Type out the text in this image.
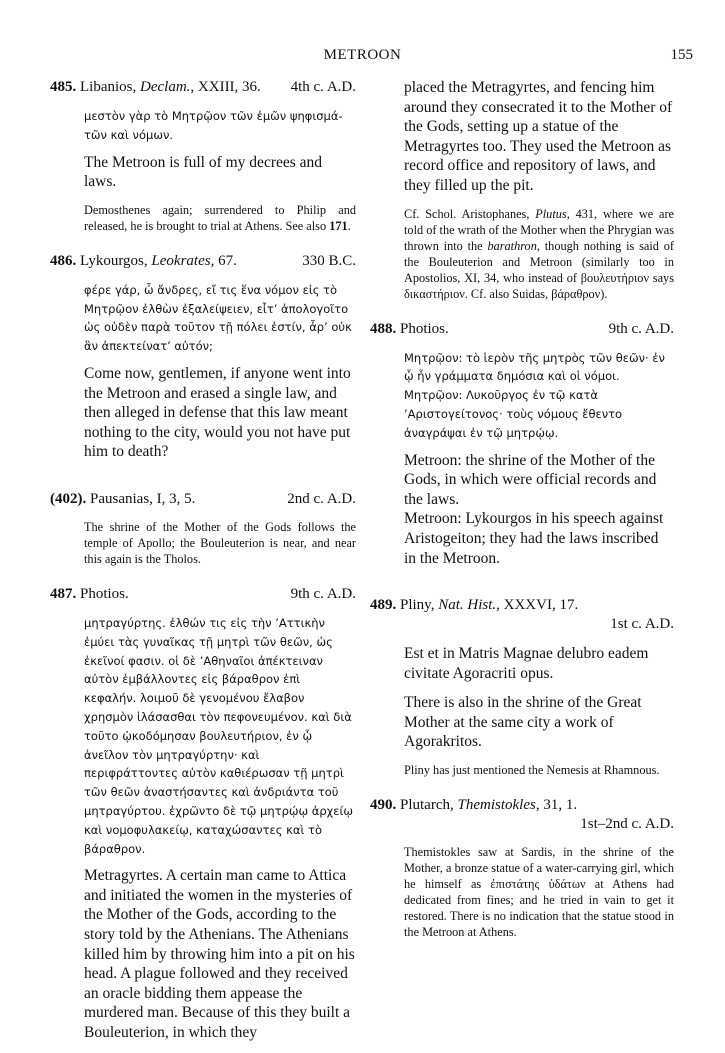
METROON	155
485. Libanios, Declam., XXIII, 36. 4th c. A.D.

μεστὸν γὰρ τὸ Μητρῷον τῶν ἐμῶν ψηφισμά-τῶν καὶ νόμων.

The Metroon is full of my decrees and laws.

Demosthenes again; surrendered to Philip and released, he is brought to trial at Athens. See also 171.

486. Lykourgos, Leokrates, 67.	330 B.C.

φέρε γάρ, ὦ ἄνδρες, εἴ τις ἕνα νόμον εἰς τὸ Μητρῷον ἐλθὼν ἐξαλείψειεν, εἶτ’ ἀπολογοῖτο ὡς οὐδὲν παρὰ τοῦτον τῇ πόλει ἐστίν, ἆρ’ οὐκ ἂν ἀπεκτείνατ’ αὐτόν;

Come now, gentlemen, if anyone went into the Metroon and erased a single law, and then alleged in defense that this law meant nothing to the city, would you not have put him to death?

(402). Pausanias, I, 3, 5.	2nd c. A.D.

The shrine of the Mother of the Gods follows the temple of Apollo; the Bouleuterion is near, and near this again is the Tholos.

487. Photios.	9th c. A.D.

μητραγύρτης. ἐλθών τις εἰς τὴν ’Αττικὴν ἐμύει τὰς γυναῖκας τῇ μητρὶ τῶν θεῶν, ὡς ἐκεῖνοί φασιν. οἱ δὲ ’Αθηναῖοι ἀπέκτειναν αὐτὸν ἐμβάλλοντες εἰς βάραθρον ἐπὶ κεφαλήν. λοιμοῦ δὲ γενομένου ἔλαβον χρησμὸν ἱλάσασθαι τὸν πεφονευμένον. καὶ διὰ τοῦτο ᾠκοδόμησαν βουλευτήριον, ἐν ᾧ ἀνεῖλον τὸν μητραγύρτην· καὶ περιφράττοντες αὐτὸν καθιέρωσαν τῇ μητρὶ τῶν θεῶν ἀναστήσαντες καὶ ἀνδριάντα τοῦ μητραγύρτου. ἐχρῶντο δὲ τῷ μητρῴῳ ἀρχείῳ καὶ νομοφυλακείῳ, καταχώσαντες καὶ τὸ βάραθρον.

Metragyrtes. A certain man came to Attica and initiated the women in the mysteries of the Mother of the Gods, according to the story told by the Athenians. The Athenians killed him by throwing him into a pit on his head. A plague followed and they received an oracle bidding them appease the murdered man. Because of this they built a Bouleuterion, in which they

placed the Metragyrtes, and fencing him around they consecrated it to the Mother of the Gods, setting up a statue of the Metragyrtes too. They used the Metroon as record office and repository of laws, and they filled up the pit.

Cf. Schol. Aristophanes, Plutus, 431, where we are told of the wrath of the Mother when the Phrygian was thrown into the barathron, though nothing is said of the Bouleuterion and Metroon (similarly too in Apostolios, XI, 34, who instead of βουλευτήριον says δικαστήριον. Cf. also Suidas, βάραθρον).

488. Photios.	9th c. A.D.

Μητρῷον: τὸ ἱερὸν τῆς μητρὸς τῶν θεῶν· ἐν ᾧ ἦν γράμματα δημόσια καὶ οἱ νόμοι.

Μητρῷον: Λυκοῦργος ἐν τῷ κατὰ ’Αριστογείτονος· τοὺς νόμους ἔθεντο ἀναγράψαι ἐν τῷ μητρῴῳ.

Metroon: the shrine of the Mother of the Gods, in which were official records and the laws.

Metroon: Lykourgos in his speech against Aristogeiton; they had the laws inscribed in the Metroon.

489. Pliny, Nat. Hist., XXXVI, 17.
1st c. A.D.

Est et in Matris Magnae delubro eadem civitate Agoracriti opus.

There is also in the shrine of the Great Mother at the same city a work of Agorakritos.

Pliny has just mentioned the Nemesis at Rhamnous.

490. Plutarch, Themistokles, 31, 1.
1st–2nd c. A.D.

Themistokles saw at Sardis, in the shrine of the Mother, a bronze statue of a water-carrying girl, which he himself as ἐπιστάτης ὑδάτων at Athens had dedicated from fines; and he tried in vain to get it restored. There is no indication that the statue stood in the Metroon at Athens.
